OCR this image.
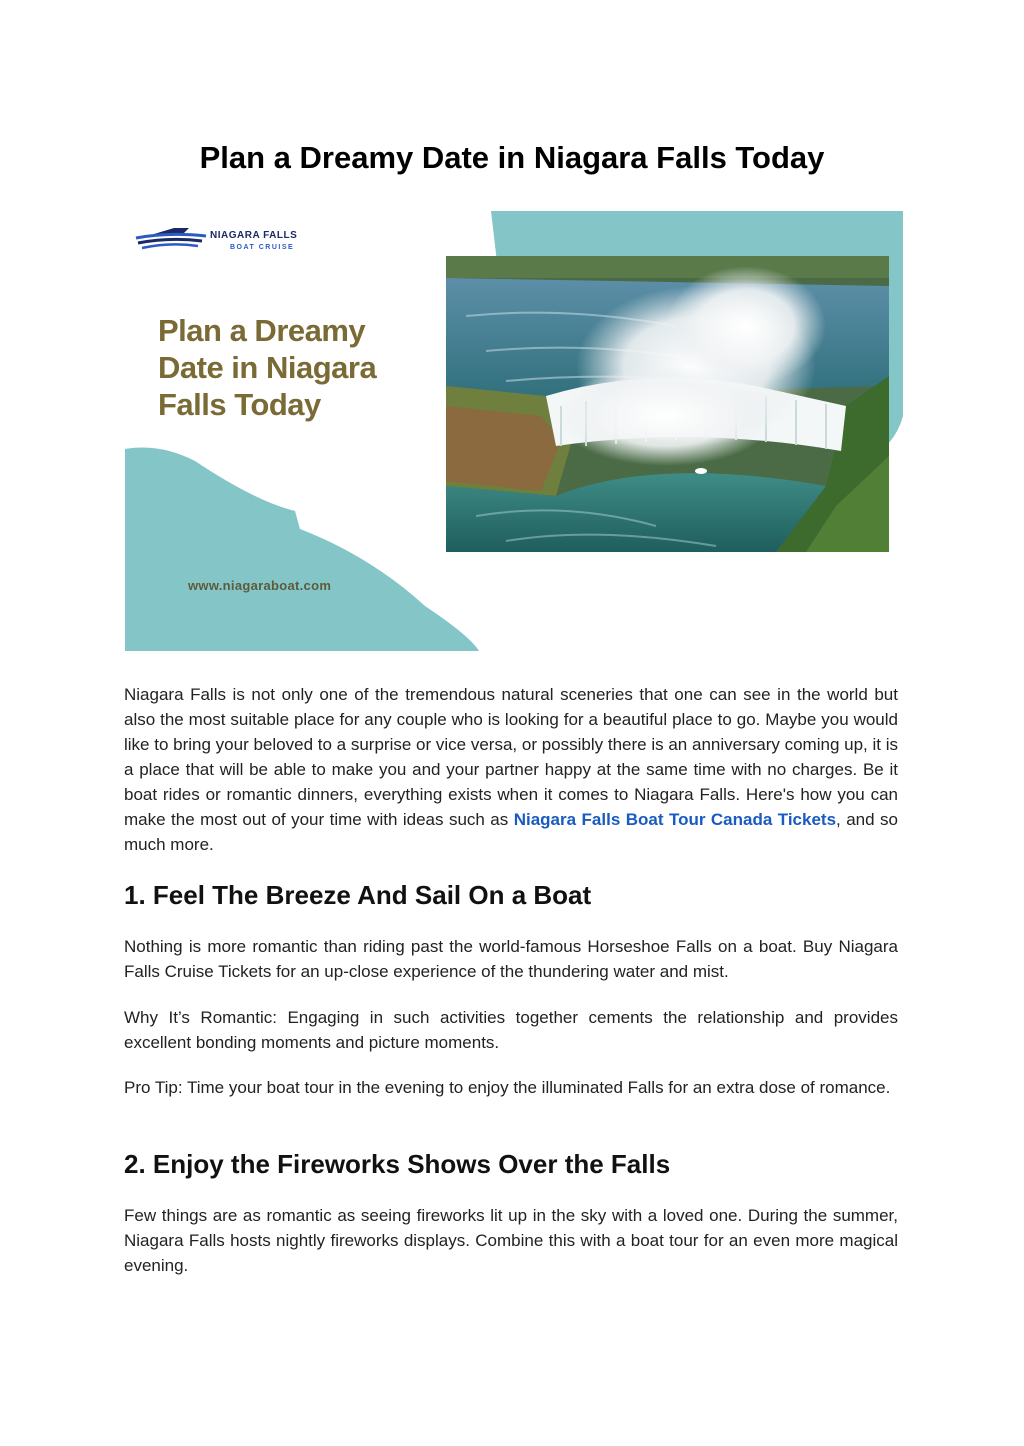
Plan a Dreamy Date in Niagara Falls Today
NIAGARA FALLS
BOAT CRUISE
Plan a Dreamy
Date in Niagara
Falls Today
www.niagaraboat.com

Niagara Falls is not only one of the tremendous natural sceneries that one can see in the world but also the most suitable place for any couple who is looking for a beautiful place to go. Maybe you would like to bring your beloved to a surprise or vice versa, or possibly there is an anniversary coming up, it is a place that will be able to make you and your partner happy at the same time with no charges. Be it boat rides or romantic dinners, everything exists when it comes to Niagara Falls. Here's how you can make the most out of your time with ideas such as Niagara Falls Boat Tour Canada Tickets, and so much more.

1. Feel The Breeze And Sail On a Boat

Nothing is more romantic than riding past the world-famous Horseshoe Falls on a boat. Buy Niagara Falls Cruise Tickets for an up-close experience of the thundering water and mist.

Why It’s Romantic: Engaging in such activities together cements the relationship and provides excellent bonding moments and picture moments.

Pro Tip: Time your boat tour in the evening to enjoy the illuminated Falls for an extra dose of romance.

2. Enjoy the Fireworks Shows Over the Falls

Few things are as romantic as seeing fireworks lit up in the sky with a loved one. During the summer, Niagara Falls hosts nightly fireworks displays. Combine this with a boat tour for an even more magical evening.
